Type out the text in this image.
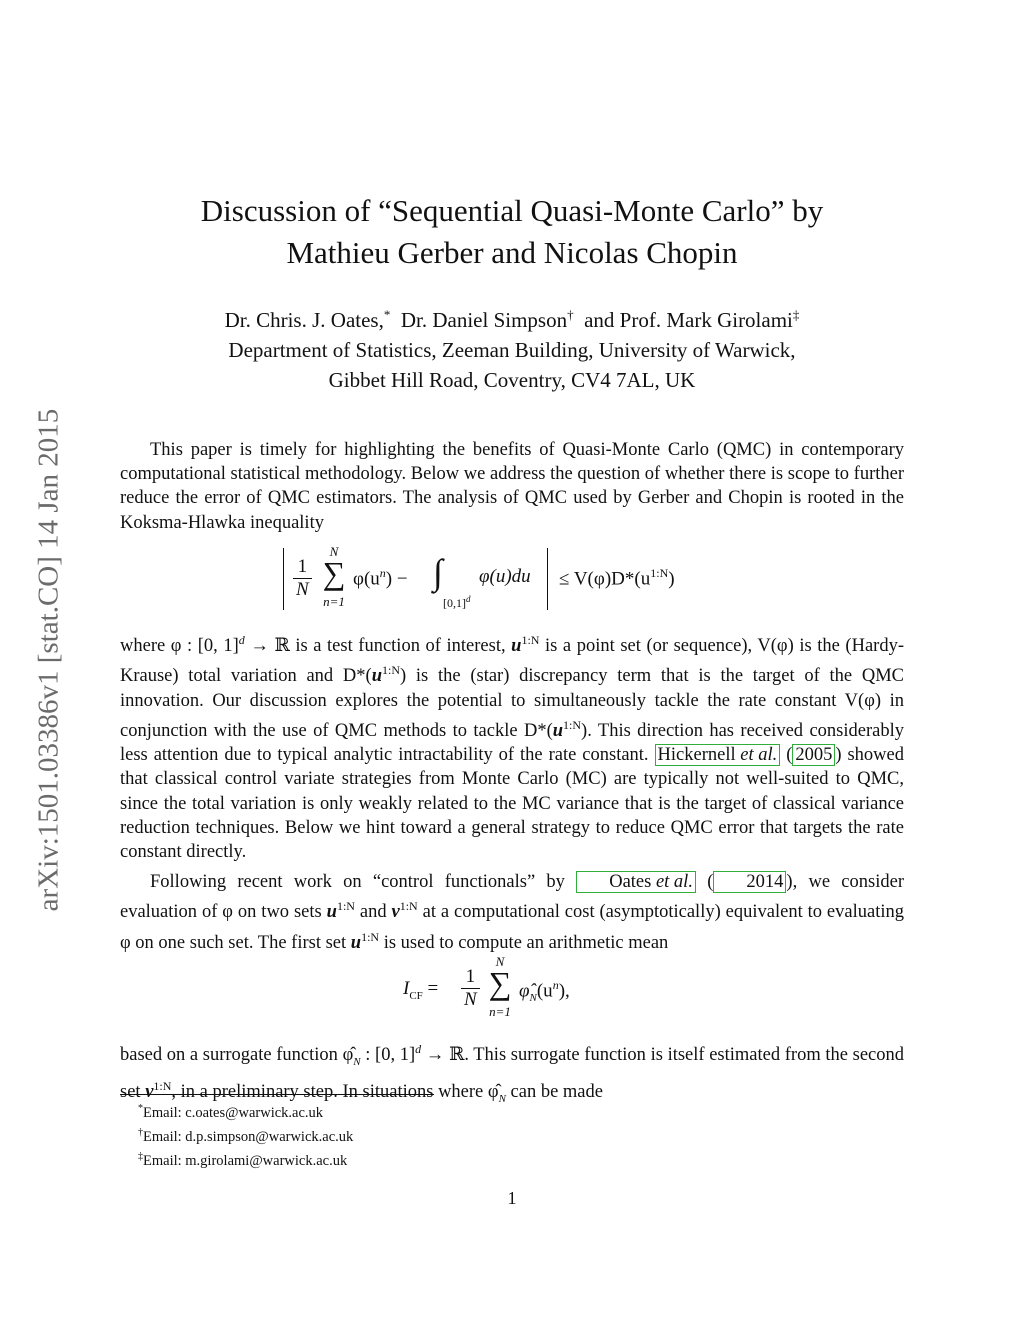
arXiv:1501.03386v1 [stat.CO] 14 Jan 2015
Discussion of “Sequential Quasi-Monte Carlo” by
Mathieu Gerber and Nicolas Chopin
Dr. Chris. J. Oates,* Dr. Daniel Simpson† and Prof. Mark Girolami‡
Department of Statistics, Zeeman Building, University of Warwick,
Gibbet Hill Road, Coventry, CV4 7AL, UK

This paper is timely for highlighting the benefits of Quasi-Monte Carlo (QMC) in contemporary computational statistical methodology. Below we address the question of whether there is scope to further reduce the error of QMC estimators. The analysis of QMC used by Gerber and Chopin is rooted in the Koksma-Hlawka inequality

$\frac{1}{N}$
N
∑
n=1
$\varphi(u^n)$ − ∫
$[0,1]^d$
$\varphi(u)du \le V(\varphi)D*(u^{1:N})$

where φ : [0, 1]$^d$ → ℝ is a test function of interest, $u^{1:N}$ is a point set (or sequence), V(φ) is the (Hardy-Krause) total variation and $D*(u^{1:N})$ is the (star) discrepancy term that is the target of the QMC innovation. Our discussion explores the potential to simultaneously tackle the rate constant V(φ) in conjunction with the use of QMC methods to tackle $D*(u^{1:N})$. This direction has received considerably less attention due to typical analytic intractability of the rate constant. Hickernell et al. ( 2005 ) showed that classical control variate strategies from Monte Carlo (MC) are typically not well-suited to QMC, since the total variation is only weakly related to the MC variance that is the target of classical variance reduction techniques. Below we hint toward a general strategy to reduce QMC error that targets the rate constant directly.

Following recent work on “control functionals” by Oates et al. ( 2014 ), we consider evaluation of φ on two sets $u^{1:N}$ and $v^{1:N}$ at a computational cost (asymptotically) equivalent to evaluating φ on one such set. The first set $u^{1:N}$ is used to compute an arithmetic mean

$I_{CF} = \frac{1}{N}$
N
∑
n=1
$\varphî_N(u^n)$,

based on a surrogate function $\varphî_N$ : [0, 1]$^d$ → ℝ. This surrogate function is itself estimated from the second set $v^{1:N}$, in a preliminary step. In situations where $\varphî_N$ can be made

*Email: c.oates@warwick.ac.uk
†Email: d.p.simpson@warwick.ac.uk
‡Email: m.girolami@warwick.ac.uk
1
